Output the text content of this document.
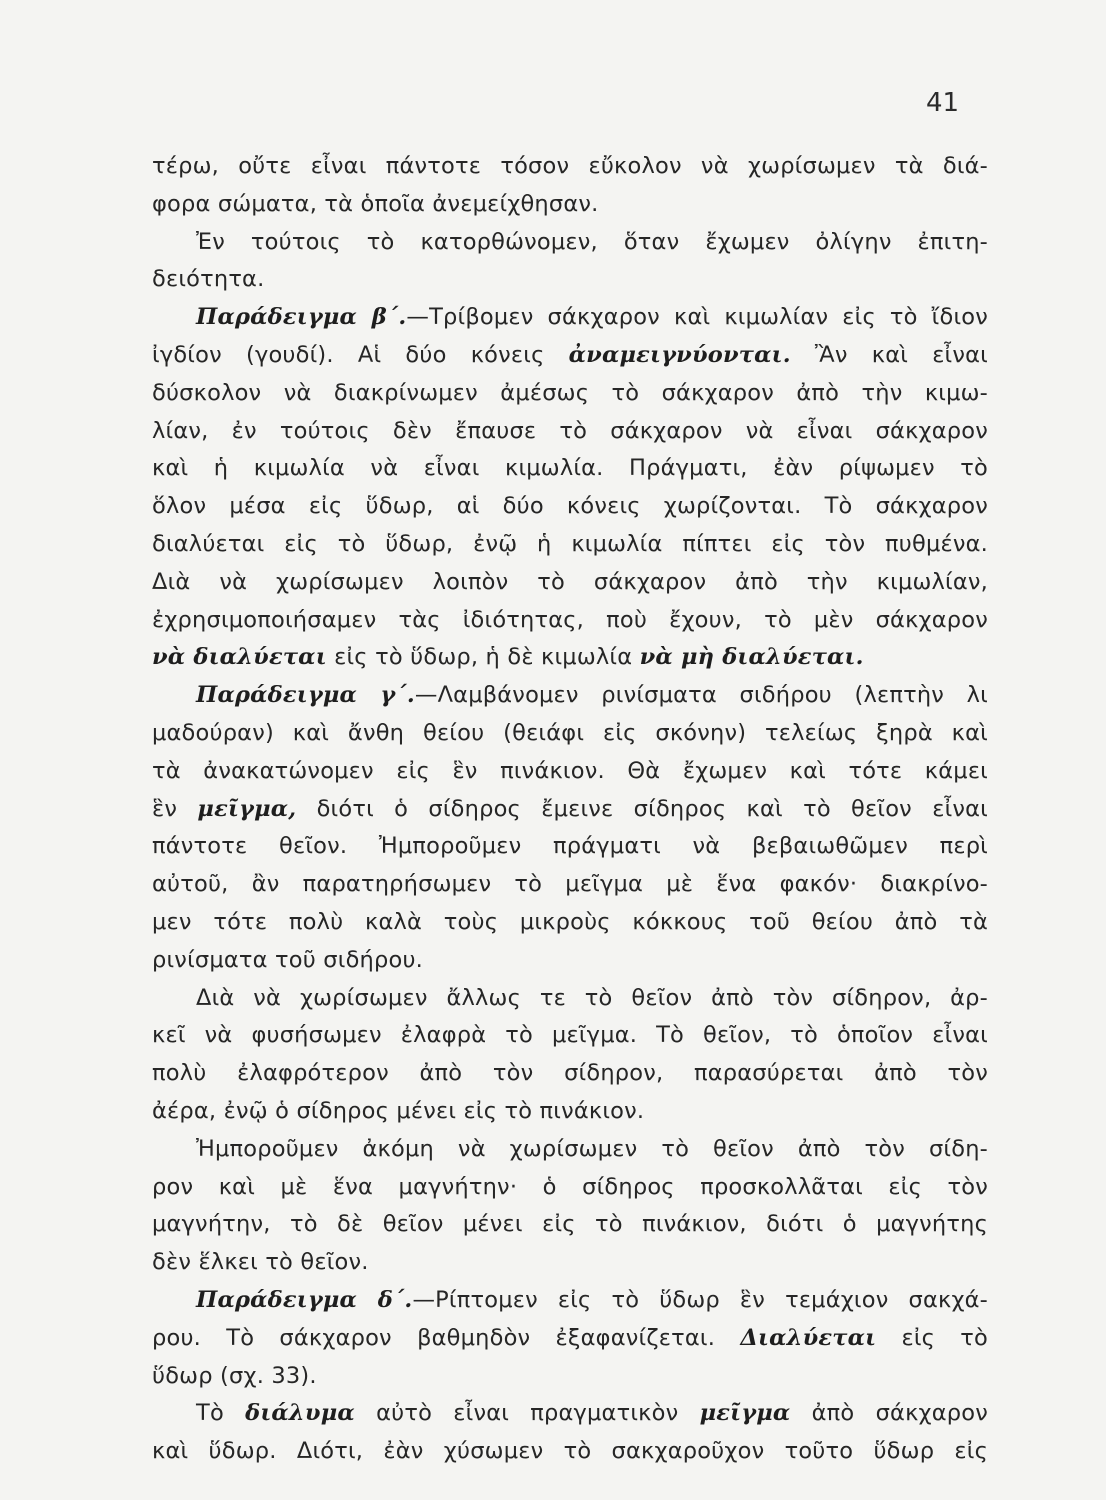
41
τέρω, οὔτε εἶναι πάντοτε τόσον εὔκολον νὰ χωρίσωμεν τὰ διά-
φορα σώματα, τὰ ὁποῖα ἀνεμείχθησαν.
Ἐν τούτοις τὸ κατορθώνομεν, ὅταν ἔχωμεν ὀλίγην ἐπιτη-
δειότητα.
Παράδειγμα β΄.—Τρίβομεν σάκχαρον καὶ κιμωλίαν εἰς τὸ ἴδιον
ἰγδίον (γουδί). Αἱ δύο κόνεις ἀναμειγνύονται. Ἂν καὶ εἶναι
δύσκολον νὰ διακρίνωμεν ἀμέσως τὸ σάκχαρον ἀπὸ τὴν κιμω-
λίαν, ἐν τούτοις δὲν ἔπαυσε τὸ σάκχαρον νὰ εἶναι σάκχαρον
καὶ ἡ κιμωλία νὰ εἶναι κιμωλία. Πράγματι, ἐὰν ρίψωμεν τὸ
ὅλον μέσα εἰς ὕδωρ, αἱ δύο κόνεις χωρίζονται. Τὸ σάκχαρον
διαλύεται εἰς τὸ ὕδωρ, ἐνῷ ἡ κιμωλία πίπτει εἰς τὸν πυθμένα.
Διὰ νὰ χωρίσωμεν λοιπὸν τὸ σάκχαρον ἀπὸ τὴν κιμωλίαν,
ἐχρησιμοποιήσαμεν τὰς ἰδιότητας, ποὺ ἔχουν, τὸ μὲν σάκχαρον
νὰ διαλύεται εἰς τὸ ὕδωρ, ἡ δὲ κιμωλία νὰ μὴ διαλύεται.
Παράδειγμα γ΄.—Λαμβάνομεν ρινίσματα σιδήρου (λεπτὴν λι
μαδούραν) καὶ ἄνθη θείου (θειάφι εἰς σκόνην) τελείως ξηρὰ καὶ
τὰ ἀνακατώνομεν εἰς ἓν πινάκιον. Θὰ ἔχωμεν καὶ τότε κάμει
ἓν μεῖγμα, διότι ὁ σίδηρος ἔμεινε σίδηρος καὶ τὸ θεῖον εἶναι
πάντοτε θεῖον. Ἠμποροῦμεν πράγματι νὰ βεβαιωθῶμεν περὶ
αὐτοῦ, ἂν παρατηρήσωμεν τὸ μεῖγμα μὲ ἕνα φακόν· διακρίνο-
μεν τότε πολὺ καλὰ τοὺς μικροὺς κόκκους τοῦ θείου ἀπὸ τὰ
ρινίσματα τοῦ σιδήρου.
Διὰ νὰ χωρίσωμεν ἄλλως τε τὸ θεῖον ἀπὸ τὸν σίδηρον, ἀρ-
κεῖ νὰ φυσήσωμεν ἐλαφρὰ τὸ μεῖγμα. Τὸ θεῖον, τὸ ὁποῖον εἶναι
πολὺ ἐλαφρότερον ἀπὸ τὸν σίδηρον, παρασύρεται ἀπὸ τὸν
ἀέρα, ἐνῷ ὁ σίδηρος μένει εἰς τὸ πινάκιον.
Ἠμποροῦμεν ἀκόμη νὰ χωρίσωμεν τὸ θεῖον ἀπὸ τὸν σίδη-
ρον καὶ μὲ ἕνα μαγνήτην· ὁ σίδηρος προσκολλᾶται εἰς τὸν
μαγνήτην, τὸ δὲ θεῖον μένει εἰς τὸ πινάκιον, διότι ὁ μαγνήτης
δὲν ἕλκει τὸ θεῖον.
Παράδειγμα δ΄.—Ρίπτομεν εἰς τὸ ὕδωρ ἓν τεμάχιον σακχά-
ρου. Τὸ σάκχαρον βαθμηδὸν ἐξαφανίζεται. Διαλύεται εἰς τὸ
ὕδωρ (σχ. 33).
Τὸ διάλυμα αὐτὸ εἶναι πραγματικὸν μεῖγμα ἀπὸ σάκχαρον
καὶ ὕδωρ. Διότι, ἐὰν χύσωμεν τὸ σακχαροῦχον τοῦτο ὕδωρ εἰς
